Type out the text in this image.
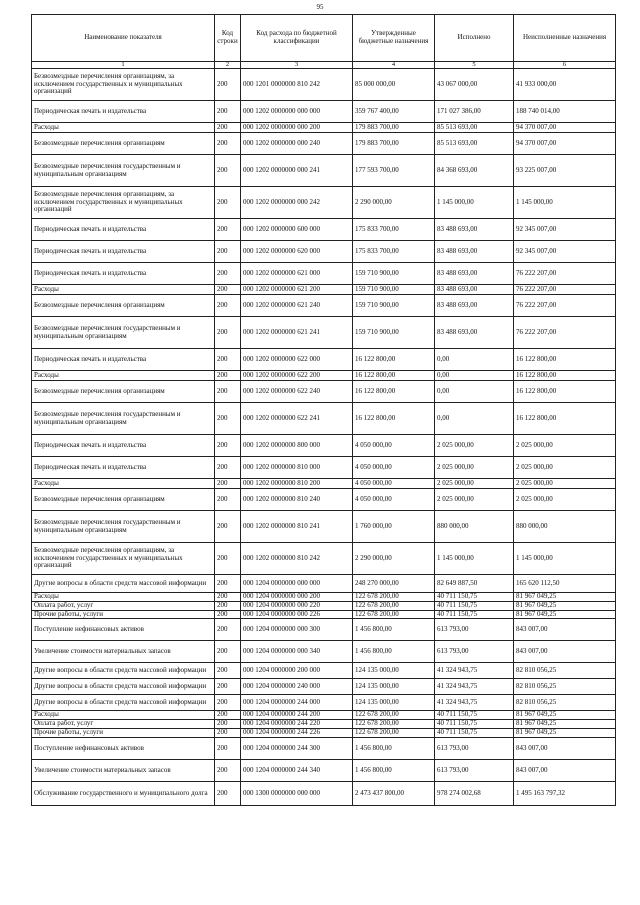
95
Наименование показателя	Код строки	Код расхода по бюджетной классификации	Утвержденные бюджетные назначения	Исполнено	Неисполненные назначения
1	2	3	4	5	6
Безвозмездные перечисления организациям, за исключением государственных и муниципальных организаций	200	000 1201 0000000 810 242	85 000 000,00	43 067 000,00	41 933 000,00
Периодическая печать и издательства	200	000 1202 0000000 000 000	359 767 400,00	171 027 386,00	188 740 014,00
Расходы	200	000 1202 0000000 000 200	179 883 700,00	85 513 693,00	94 370 007,00
Безвозмездные перечисления организациям	200	000 1202 0000000 000 240	179 883 700,00	85 513 693,00	94 370 007,00
Безвозмездные перечисления государственным и муниципальным организациям	200	000 1202 0000000 000 241	177 593 700,00	84 368 693,00	93 225 007,00
Безвозмездные перечисления организациям, за исключением государственных и муниципальных организаций	200	000 1202 0000000 000 242	2 290 000,00	1 145 000,00	1 145 000,00
Периодическая печать и издательства	200	000 1202 0000000 600 000	175 833 700,00	83 488 693,00	92 345 007,00
Периодическая печать и издательства	200	000 1202 0000000 620 000	175 833 700,00	83 488 693,00	92 345 007,00
Периодическая печать и издательства	200	000 1202 0000000 621 000	159 710 900,00	83 488 693,00	76 222 207,00
Расходы	200	000 1202 0000000 621 200	159 710 900,00	83 488 693,00	76 222 207,00
Безвозмездные перечисления организациям	200	000 1202 0000000 621 240	159 710 900,00	83 488 693,00	76 222 207,00
Безвозмездные перечисления государственным и муниципальным организациям	200	000 1202 0000000 621 241	159 710 900,00	83 488 693,00	76 222 207,00
Периодическая печать и издательства	200	000 1202 0000000 622 000	16 122 800,00	0,00	16 122 800,00
Расходы	200	000 1202 0000000 622 200	16 122 800,00	0,00	16 122 800,00
Безвозмездные перечисления организациям	200	000 1202 0000000 622 240	16 122 800,00	0,00	16 122 800,00
Безвозмездные перечисления государственным и муниципальным организациям	200	000 1202 0000000 622 241	16 122 800,00	0,00	16 122 800,00
Периодическая печать и издательства	200	000 1202 0000000 800 000	4 050 000,00	2 025 000,00	2 025 000,00
Периодическая печать и издательства	200	000 1202 0000000 810 000	4 050 000,00	2 025 000,00	2 025 000,00
Расходы	200	000 1202 0000000 810 200	4 050 000,00	2 025 000,00	2 025 000,00
Безвозмездные перечисления организациям	200	000 1202 0000000 810 240	4 050 000,00	2 025 000,00	2 025 000,00
Безвозмездные перечисления государственным и муниципальным организациям	200	000 1202 0000000 810 241	1 760 000,00	880 000,00	880 000,00
Безвозмездные перечисления организациям, за исключением государственных и муниципальных организаций	200	000 1202 0000000 810 242	2 290 000,00	1 145 000,00	1 145 000,00
Другие вопросы в области средств массовой информации	200	000 1204 0000000 000 000	248 270 000,00	82 649 887,50	165 620 112,50
Расходы	200	000 1204 0000000 000 200	122 678 200,00	40 711 150,75	81 967 049,25
Оплата работ, услуг	200	000 1204 0000000 000 220	122 678 200,00	40 711 150,75	81 967 049,25
Прочие работы, услуги	200	000 1204 0000000 000 226	122 678 200,00	40 711 150,75	81 967 049,25
Поступление нефинансовых активов	200	000 1204 0000000 000 300	1 456 800,00	613 793,00	843 007,00
Увеличение стоимости материальных запасов	200	000 1204 0000000 000 340	1 456 800,00	613 793,00	843 007,00
Другие вопросы в области средств массовой информации	200	000 1204 0000000 200 000	124 135 000,00	41 324 943,75	82 810 056,25
Другие вопросы в области средств массовой информации	200	000 1204 0000000 240 000	124 135 000,00	41 324 943,75	82 810 056,25
Другие вопросы в области средств массовой информации	200	000 1204 0000000 244 000	124 135 000,00	41 324 943,75	82 810 056,25
Расходы	200	000 1204 0000000 244 200	122 678 200,00	40 711 150,75	81 967 049,25
Оплата работ, услуг	200	000 1204 0000000 244 220	122 678 200,00	40 711 150,75	81 967 049,25
Прочие работы, услуги	200	000 1204 0000000 244 226	122 678 200,00	40 711 150,75	81 967 049,25
Поступление нефинансовых активов	200	000 1204 0000000 244 300	1 456 800,00	613 793,00	843 007,00
Увеличение стоимости материальных запасов	200	000 1204 0000000 244 340	1 456 800,00	613 793,00	843 007,00
Обслуживание государственного и муниципального долга	200	000 1300 0000000 000 000	2 473 437 800,00	978 274 002,68	1 495 163 797,32
